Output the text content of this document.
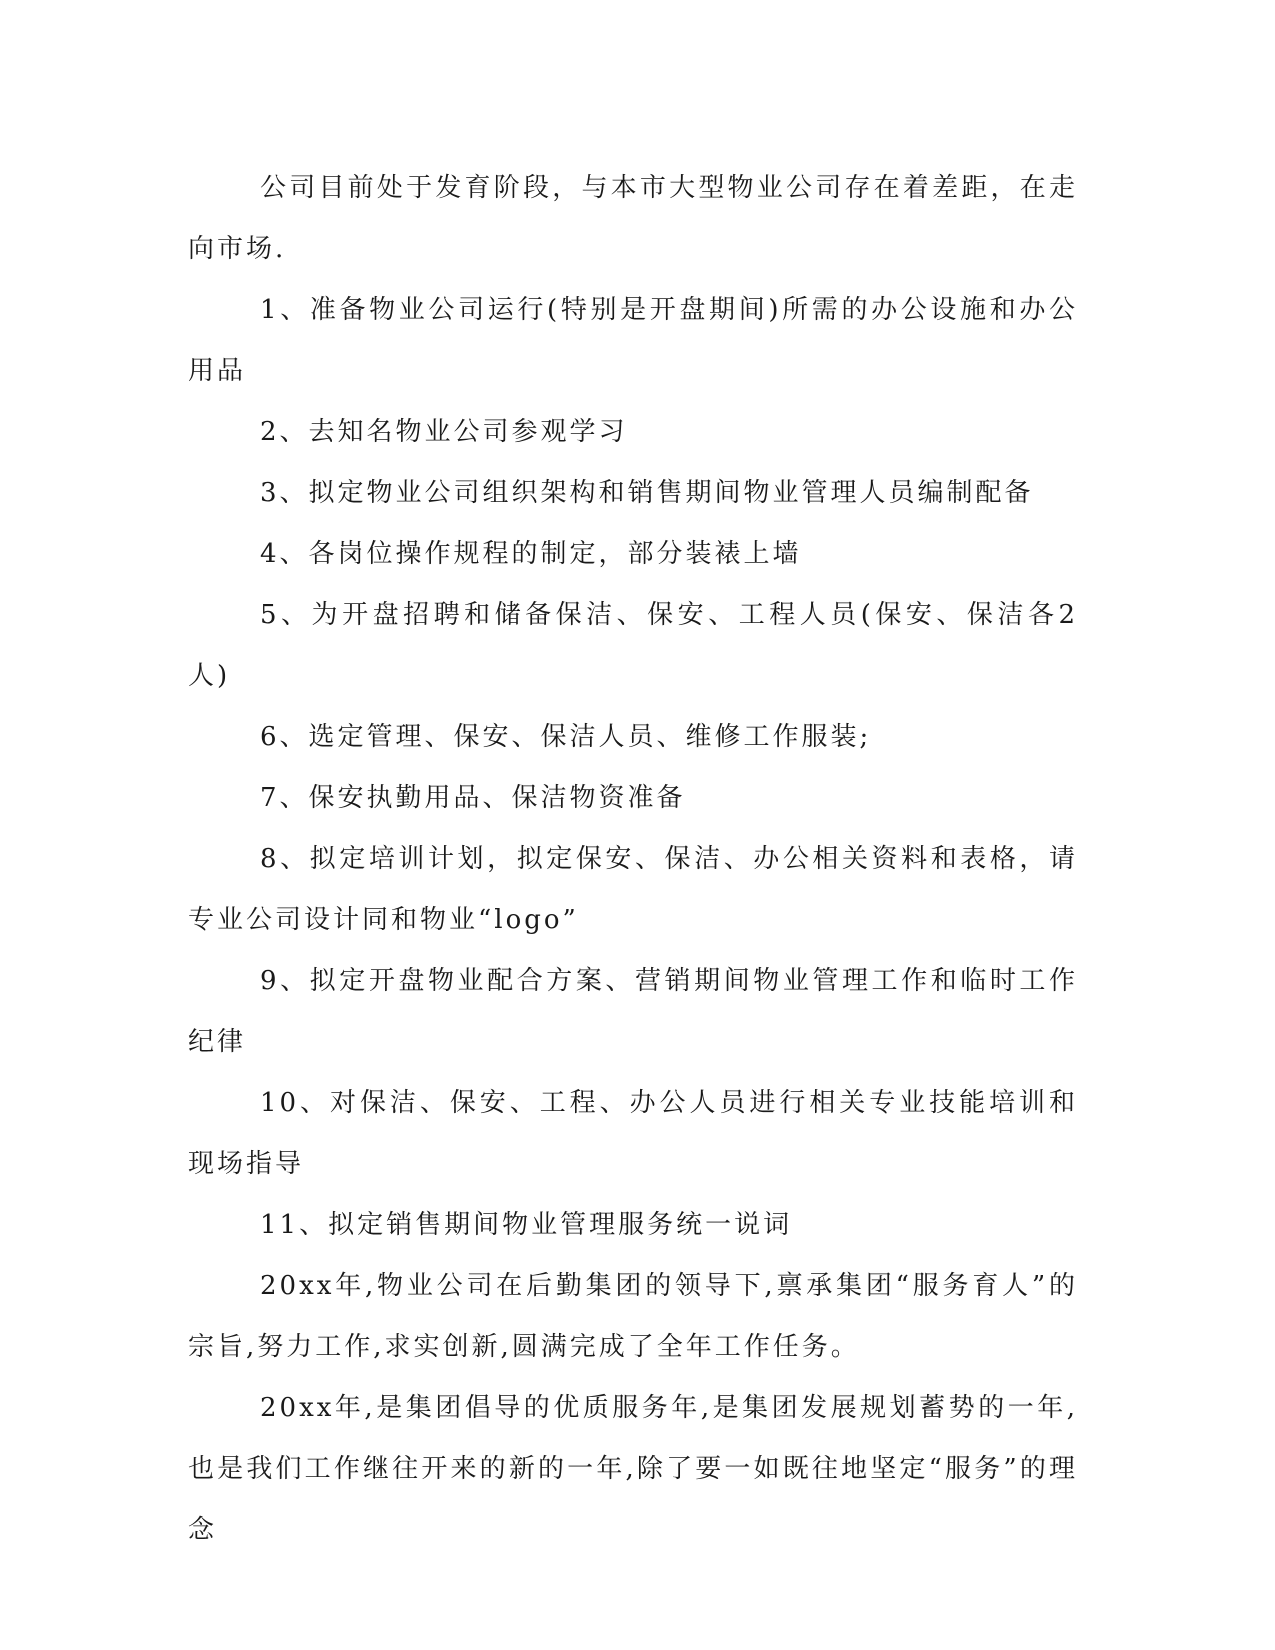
公司目前处于发育阶段，与本市大型物业公司存在着差距，在走向市场.

1、准备物业公司运行(特别是开盘期间)所需的办公设施和办公用品

2、去知名物业公司参观学习

3、拟定物业公司组织架构和销售期间物业管理人员编制配备

4、各岗位操作规程的制定，部分装裱上墙

5、为开盘招聘和储备保洁、保安、工程人员(保安、保洁各2人)

6、选定管理、保安、保洁人员、维修工作服装;

7、保安执勤用品、保洁物资准备

8、拟定培训计划，拟定保安、保洁、办公相关资料和表格，请专业公司设计同和物业“logo”

9、拟定开盘物业配合方案、营销期间物业管理工作和临时工作纪律

10、对保洁、保安、工程、办公人员进行相关专业技能培训和现场指导

11、拟定销售期间物业管理服务统一说词

20xx年,物业公司在后勤集团的领导下,禀承集团“服务育人”的宗旨,努力工作,求实创新,圆满完成了全年工作任务。

20xx年,是集团倡导的优质服务年,是集团发展规划蓄势的一年,也是我们工作继往开来的新的一年,除了要一如既往地坚定“服务”的理念
